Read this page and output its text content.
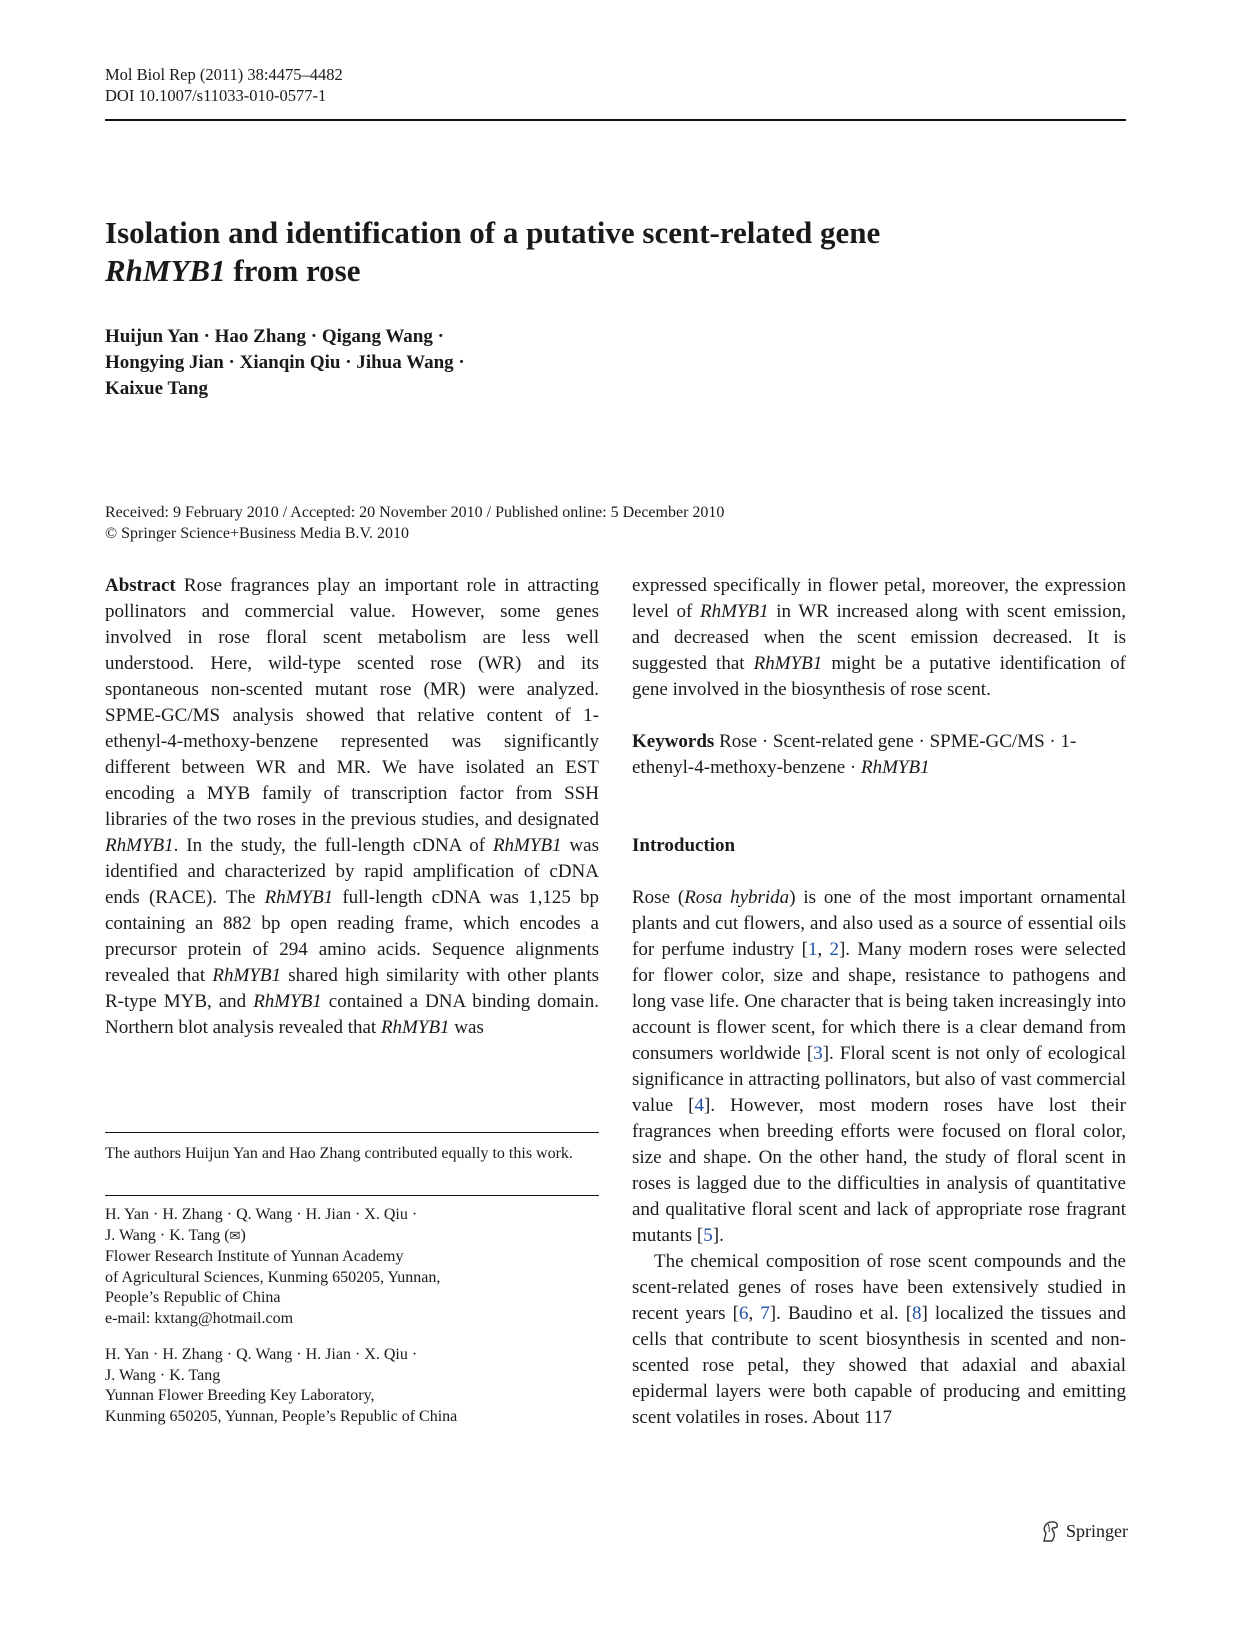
Mol Biol Rep (2011) 38:4475–4482
DOI 10.1007/s11033-010-0577-1
Isolation and identification of a putative scent-related gene
RhMYB1 from rose
Huijun Yan · Hao Zhang · Qigang Wang ·
Hongying Jian · Xianqin Qiu · Jihua Wang ·
Kaixue Tang
Received: 9 February 2010 / Accepted: 20 November 2010 / Published online: 5 December 2010
© Springer Science+Business Media B.V. 2010

Abstract Rose fragrances play an important role in attracting pollinators and commercial value. However, some genes involved in rose floral scent metabolism are less well understood. Here, wild-type scented rose (WR) and its spontaneous non-scented mutant rose (MR) were analyzed. SPME-GC/MS analysis showed that relative content of 1-ethenyl-4-methoxy-benzene represented was significantly different between WR and MR. We have isolated an EST encoding a MYB family of transcription factor from SSH libraries of the two roses in the previous studies, and designated RhMYB1. In the study, the full-length cDNA of RhMYB1 was identified and characterized by rapid amplification of cDNA ends (RACE). The RhMYB1 full-length cDNA was 1,125 bp containing an 882 bp open reading frame, which encodes a precursor protein of 294 amino acids. Sequence alignments revealed that RhMYB1 shared high similarity with other plants R-type MYB, and RhMYB1 contained a DNA binding domain. Northern blot analysis revealed that RhMYB1 was

The authors Huijun Yan and Hao Zhang contributed equally to this work.
H. Yan · H. Zhang · Q. Wang · H. Jian · X. Qiu ·
J. Wang · K. Tang (✉)
Flower Research Institute of Yunnan Academy
of Agricultural Sciences, Kunming 650205, Yunnan,
People’s Republic of China
e-mail: kxtang@hotmail.com
H. Yan · H. Zhang · Q. Wang · H. Jian · X. Qiu ·
J. Wang · K. Tang
Yunnan Flower Breeding Key Laboratory,
Kunming 650205, Yunnan, People’s Republic of China

expressed specifically in flower petal, moreover, the expression level of RhMYB1 in WR increased along with scent emission, and decreased when the scent emission decreased. It is suggested that RhMYB1 might be a putative identification of gene involved in the biosynthesis of rose scent.

Keywords Rose · Scent-related gene · SPME-GC/MS · 1-ethenyl-4-methoxy-benzene · RhMYB1

Introduction

Rose (Rosa hybrida) is one of the most important ornamental plants and cut flowers, and also used as a source of essential oils for perfume industry [1, 2]. Many modern roses were selected for flower color, size and shape, resistance to pathogens and long vase life. One character that is being taken increasingly into account is flower scent, for which there is a clear demand from consumers worldwide [3]. Floral scent is not only of ecological significance in attracting pollinators, but also of vast commercial value [4]. However, most modern roses have lost their fragrances when breeding efforts were focused on floral color, size and shape. On the other hand, the study of floral scent in roses is lagged due to the difficulties in analysis of quantitative and qualitative floral scent and lack of appropriate rose fragrant mutants [5].

The chemical composition of rose scent compounds and the scent-related genes of roses have been extensively studied in recent years [6, 7]. Baudino et al. [8] localized the tissues and cells that contribute to scent biosynthesis in scented and non-scented rose petal, they showed that adaxial and abaxial epidermal layers were both capable of producing and emitting scent volatiles in roses. About 117

Springer
